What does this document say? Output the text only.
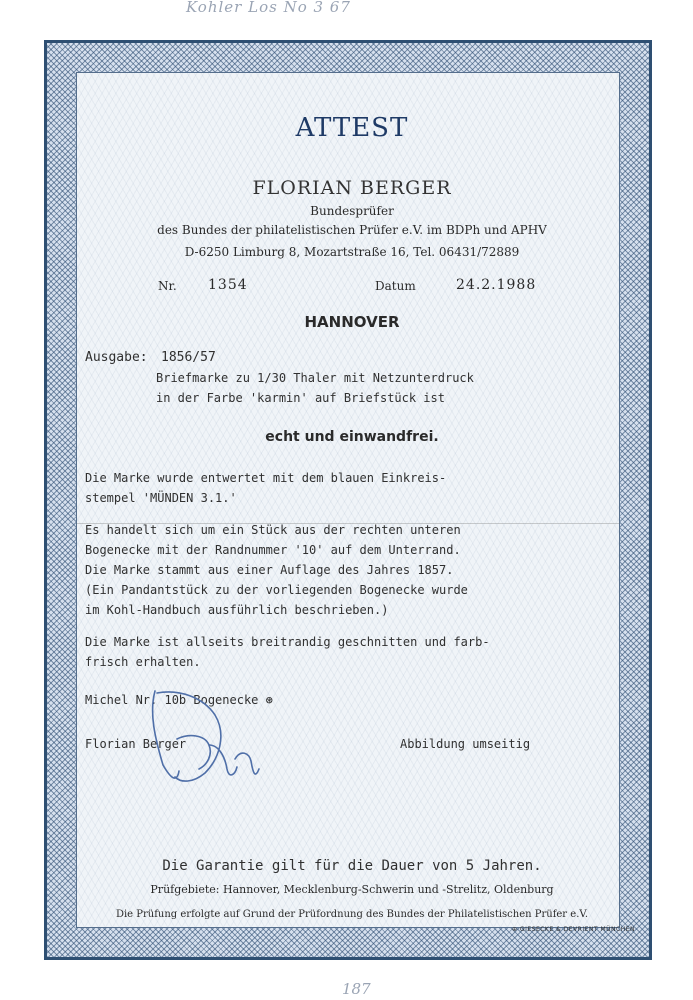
Kohler Los No 3 67
ATTEST
FLORIAN BERGER
Bundesprüfer
des Bundes der philatelistischen Prüfer e.V. im BDPh und APHV
D-6250 Limburg 8, Mozartstraße 16, Tel. 06431/72889
Nr. 1354	Datum	24.2.1988
HANNOVER
Ausgabe: 1856/57
Briefmarke zu 1/30 Thaler mit Netzunterdruck
in der Farbe 'karmin' auf Briefstück ist
echt und einwandfrei.
Die Marke wurde entwertet mit dem blauen Einkreis-
stempel 'MÜNDEN 3.1.'
Es handelt sich um ein Stück aus der rechten unteren
Bogenecke mit der Randnummer '10' auf dem Unterrand.
Die Marke stammt aus einer Auflage des Jahres 1857.
(Ein Pandantstück zu der vorliegenden Bogenecke wurde
im Kohl-Handbuch ausführlich beschrieben.)
Die Marke ist allseits breitrandig geschnitten und farb-
frisch erhalten.
Michel Nr. 10b Bogenecke ⊛
Florian Berger	Abbildung umseitig
Die Garantie gilt für die Dauer von 5 Jahren.
Prüfgebiete: Hannover, Mecklenburg-Schwerin und -Strelitz, Oldenburg
Die Prüfung erfolgte auf Grund der Prüfordnung des Bundes der Philatelistischen Prüfer e.V.
⊕ GIESECKE & DEVRIENT MÜNCHEN
187
